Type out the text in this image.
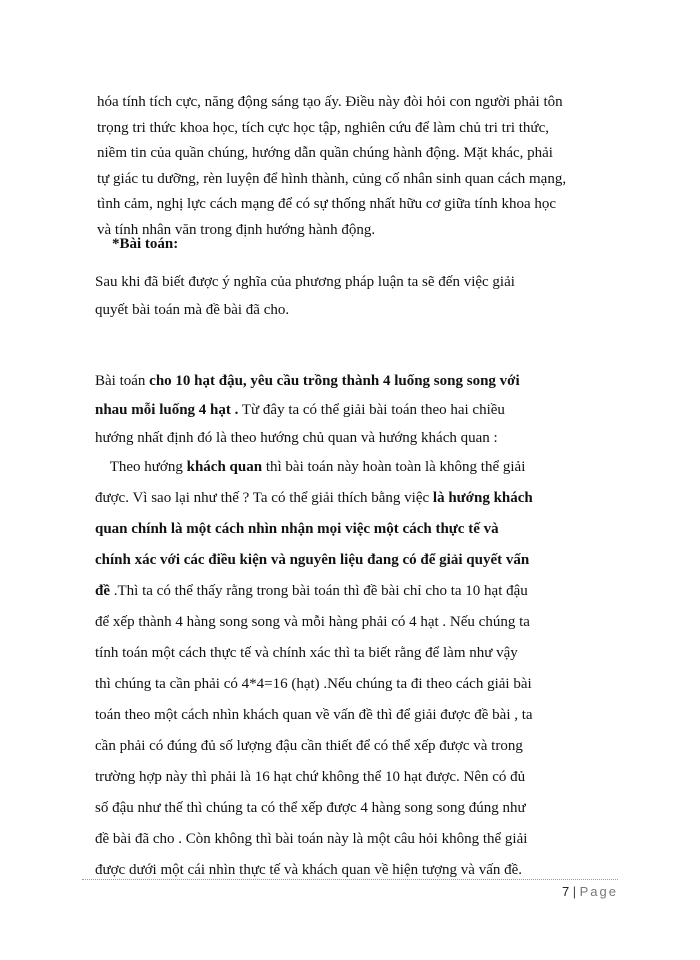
hóa tính tích cực, năng động sáng tạo ấy. Điều này đòi hỏi con người phải tôn
trọng tri thức khoa học, tích cực học tập, nghiên cứu để làm chủ tri tri thức,
niềm tin của quần chúng, hướng dẫn quần chúng hành động. Mặt khác, phải
tự giác tu dưỡng, rèn luyện để hình thành, củng cố nhân sinh quan cách mạng,
tình cảm, nghị lực cách mạng để có sự thống nhất hữu cơ giữa tính khoa học
và tính nhân văn trong định hướng hành động.
*Bài toán:
Sau khi đã biết được ý nghĩa của phương pháp luận ta sẽ đến việc giải
quyết bài toán mà đề bài đã cho.
Bài toán cho 10 hạt đậu, yêu cầu trồng thành 4 luống song song với
nhau mỗi luống 4 hạt . Từ đây ta có thể giải bài toán theo hai chiều
hướng nhất định đó là theo hướng chủ quan và hướng khách quan :
Theo hướng khách quan thì bài toán này hoàn toàn là không thể giải
được. Vì sao lại như thế ? Ta có thể giải thích bằng việc là hướng khách
quan chính là một cách nhìn nhận mọi việc một cách thực tế và
chính xác với các điều kiện và nguyên liệu đang có để giải quyết vấn
đề .Thì ta có thể thấy rằng trong bài toán thì đề bài chỉ cho ta 10 hạt đậu
để xếp thành 4 hàng song song và mỗi hàng phải có 4 hạt . Nếu chúng ta
tính toán một cách thực tế và chính xác thì ta biết rằng để làm như vậy
thì chúng ta cần phải có 4*4=16 (hạt) .Nếu chúng ta đi theo cách giải bài
toán theo một cách nhìn khách quan về vấn đề thì để giải được đề bài , ta
cần phải có đúng đủ số lượng đậu cần thiết để có thể xếp được và trong
trường hợp này thì phải là 16 hạt chứ không thể 10 hạt được. Nên có đủ
số đậu như thế thì chúng ta có thể xếp được 4 hàng song song đúng như
đề bài đã cho . Còn không thì bài toán này là một câu hỏi không thể giải
được dưới một cái nhìn thực tế và khách quan về hiện tượng và vấn đề.
7 | Page
